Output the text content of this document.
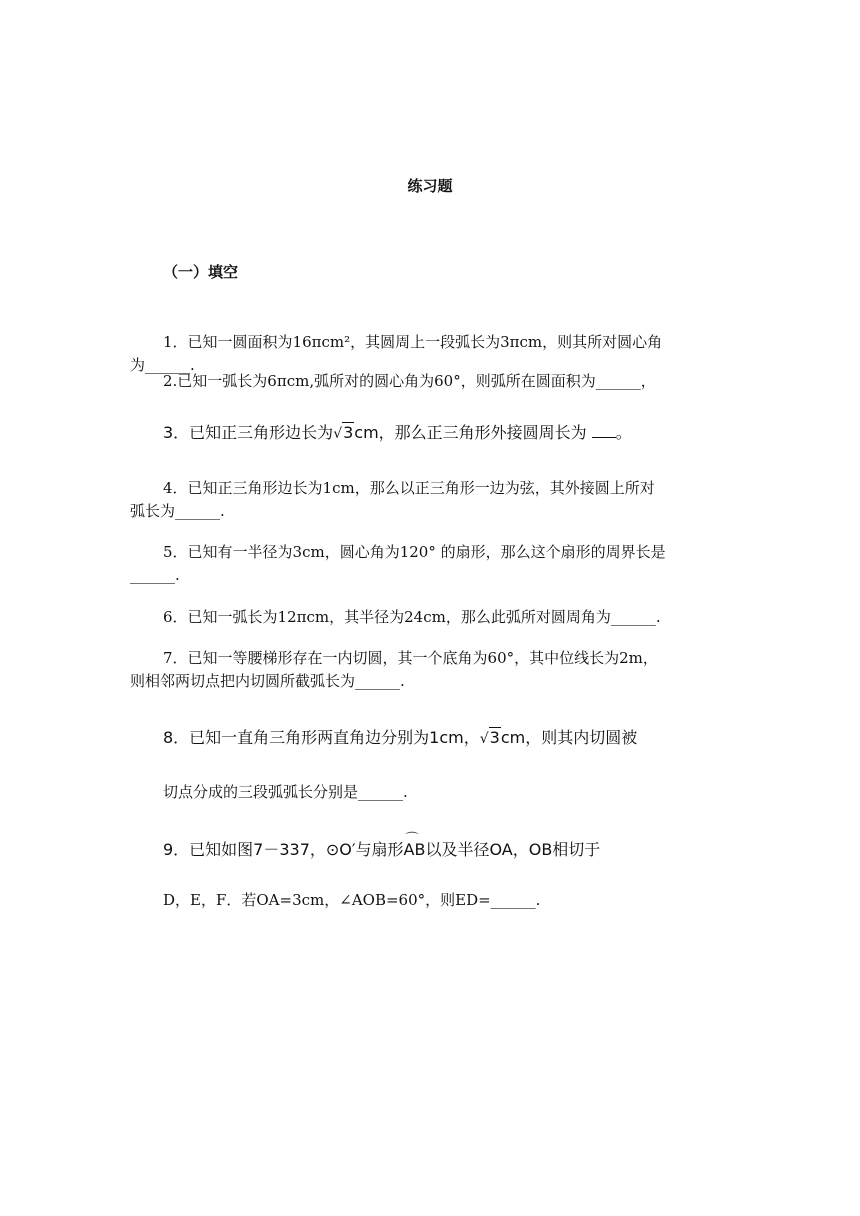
练习题
（一）填空
1．已知一圆面积为16πcm²，其圆周上一段弧长为3πcm，则其所对圆心角
为______.
2.已知一弧长为6πcm,弧所对的圆心角为60°，则弧所在圆面积为______，
3．已知正三角形边长为√3cm，那么正三角形外接圆周长为 。
4．已知正三角形边长为1cm，那么以正三角形一边为弦，其外接圆上所对
弧长为______.
5．已知有一半径为3cm，圆心角为120° 的扇形，那么这个扇形的周界长是
______.
6．已知一弧长为12πcm，其半径为24cm，那么此弧所对圆周角为______.
7．已知一等腰梯形存在一内切圆，其一个底角为60°，其中位线长为2m，
则相邻两切点把内切圆所截弧长为______.
8．已知一直角三角形两直角边分别为1cm，√3cm，则其内切圆被
切点分成的三段弧弧长分别是______.
9．已知如图7－337，⊙O′与扇形⌒ AB以及半径OA，OB相切于
D，E，F．若OA=3cm，∠AOB=60°，则ED=______.
